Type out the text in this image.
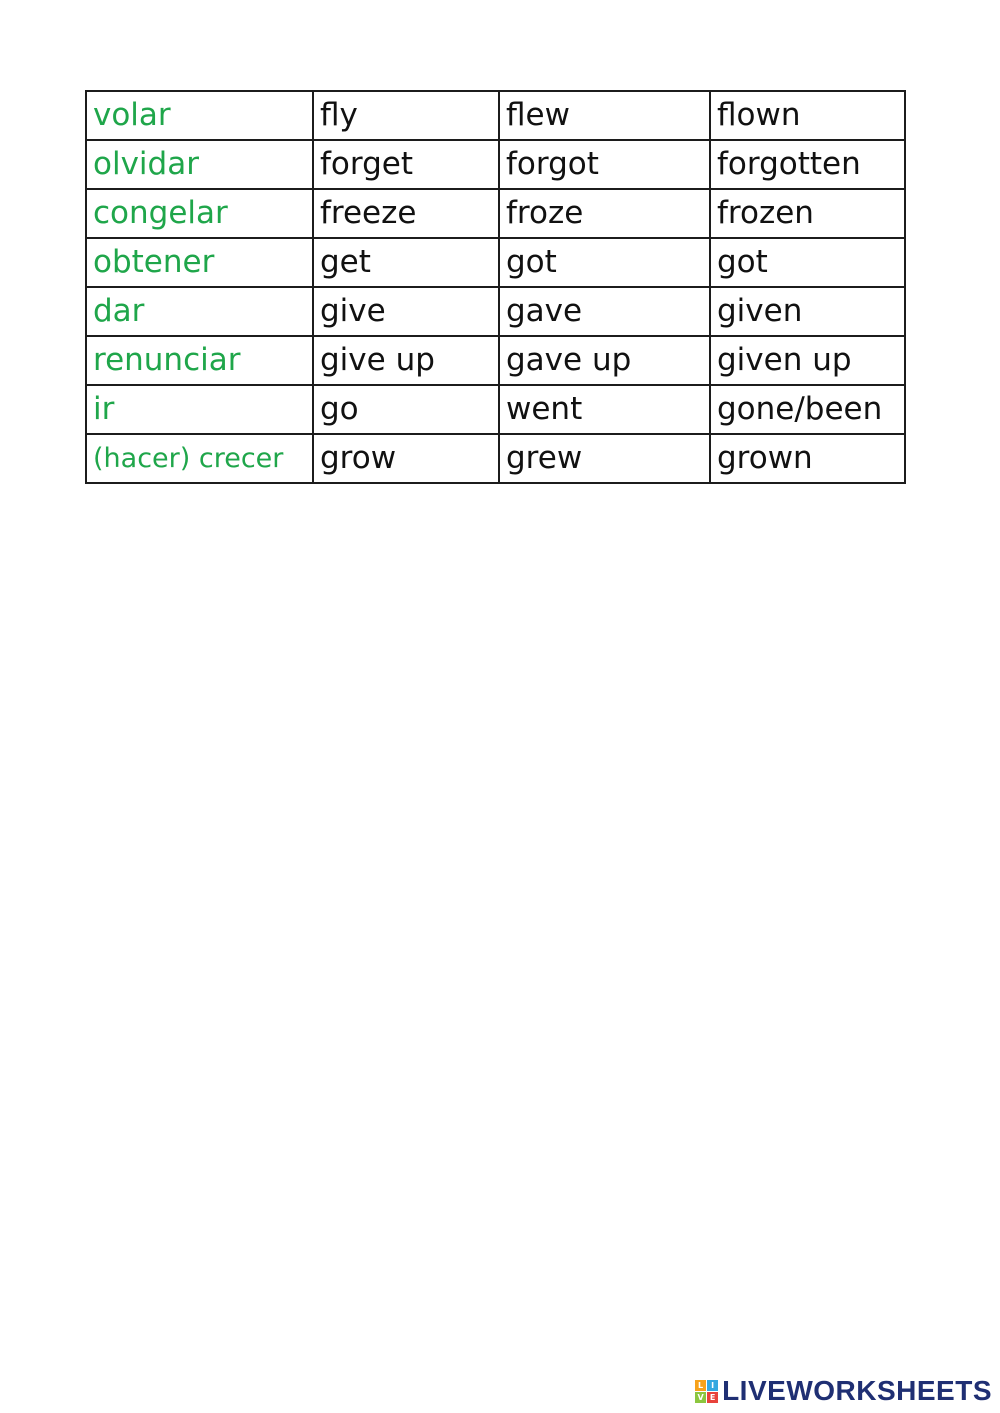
volar	fly	flew	flown
olvidar	forget	forgot	forgotten
congelar	freeze	froze	frozen
obtener	get	got	got
dar	give	gave	given
renunciar	give up	gave up	given up
ir	go	went	gone/been
(hacer) crecer	grow	grew	grown
L I
V E LIVEWORKSHEETS
